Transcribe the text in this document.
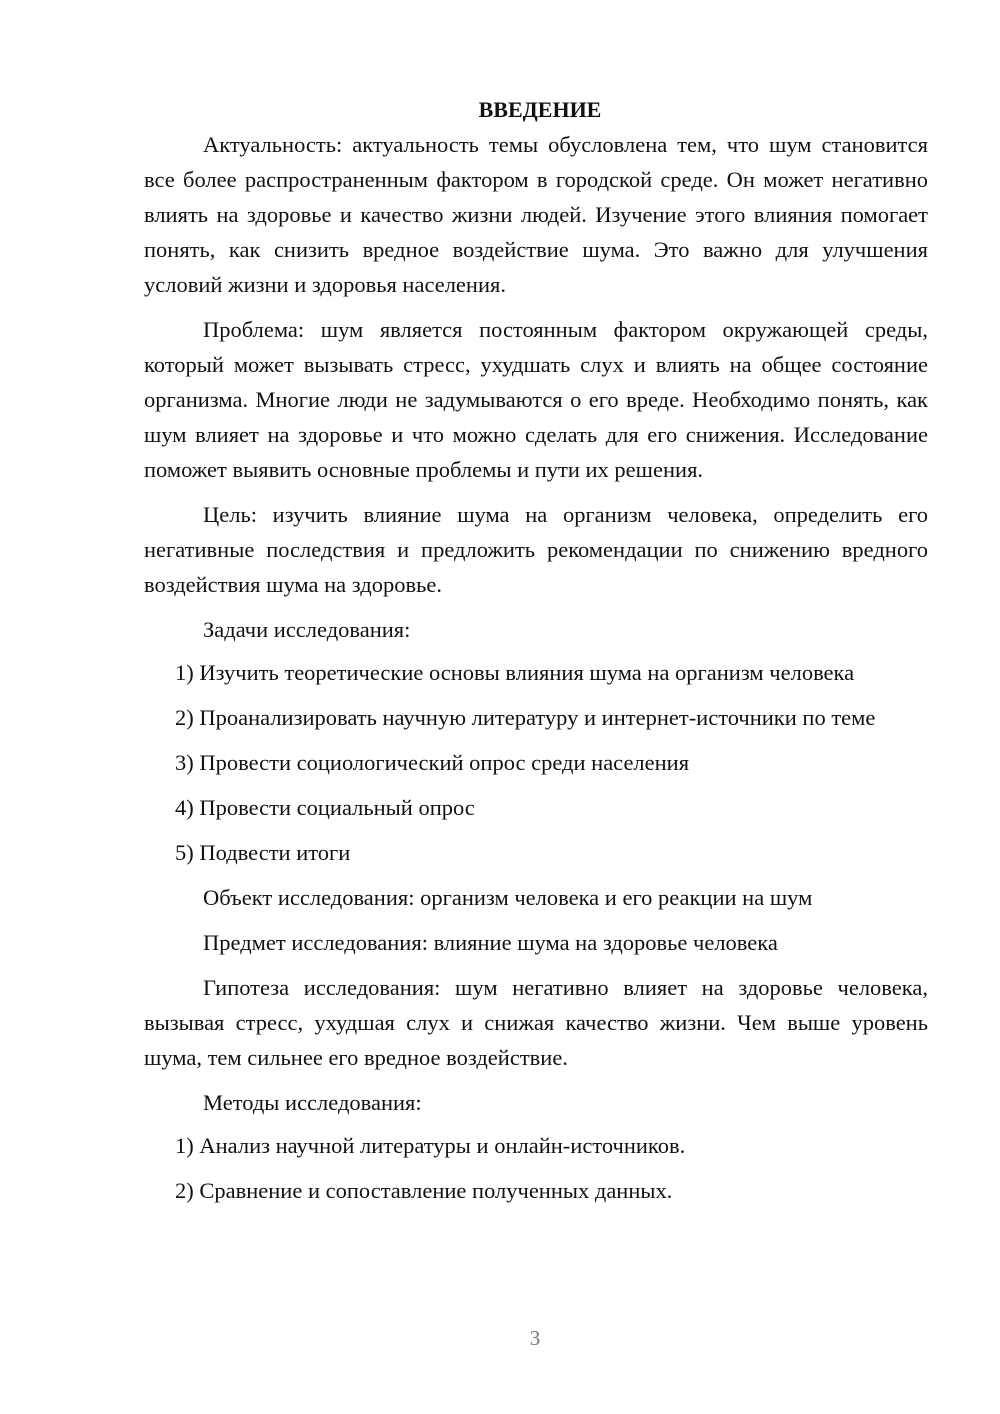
ВВЕДЕНИЕ

Актуальность: актуальность темы обусловлена тем, что шум становится все более распространенным фактором в городской среде. Он может негативно влиять на здоровье и качество жизни людей. Изучение этого влияния помогает понять, как снизить вредное воздействие шума. Это важно для улучшения условий жизни и здоровья населения.

Проблема: шум является постоянным фактором окружающей среды, который может вызывать стресс, ухудшать слух и влиять на общее состояние организма. Многие люди не задумываются о его вреде. Необходимо понять, как шум влияет на здоровье и что можно сделать для его снижения. Исследование поможет выявить основные проблемы и пути их решения.

Цель: изучить влияние шума на организм человека, определить его негативные последствия и предложить рекомендации по снижению вредного воздействия шума на здоровье.

Задачи исследования:

1) Изучить теоретические основы влияния шума на организм человека

2) Проанализировать научную литературу и интернет-источники по теме

3) Провести социологический опрос среди населения

4) Провести социальный опрос

5) Подвести итоги

Объект исследования: организм человека и его реакции на шум

Предмет исследования: влияние шума на здоровье человека

Гипотеза исследования: шум негативно влияет на здоровье человека, вызывая стресс, ухудшая слух и снижая качество жизни. Чем выше уровень шума, тем сильнее его вредное воздействие.

Методы исследования:

1) Анализ научной литературы и онлайн-источников.

2) Сравнение и сопоставление полученных данных.

3
